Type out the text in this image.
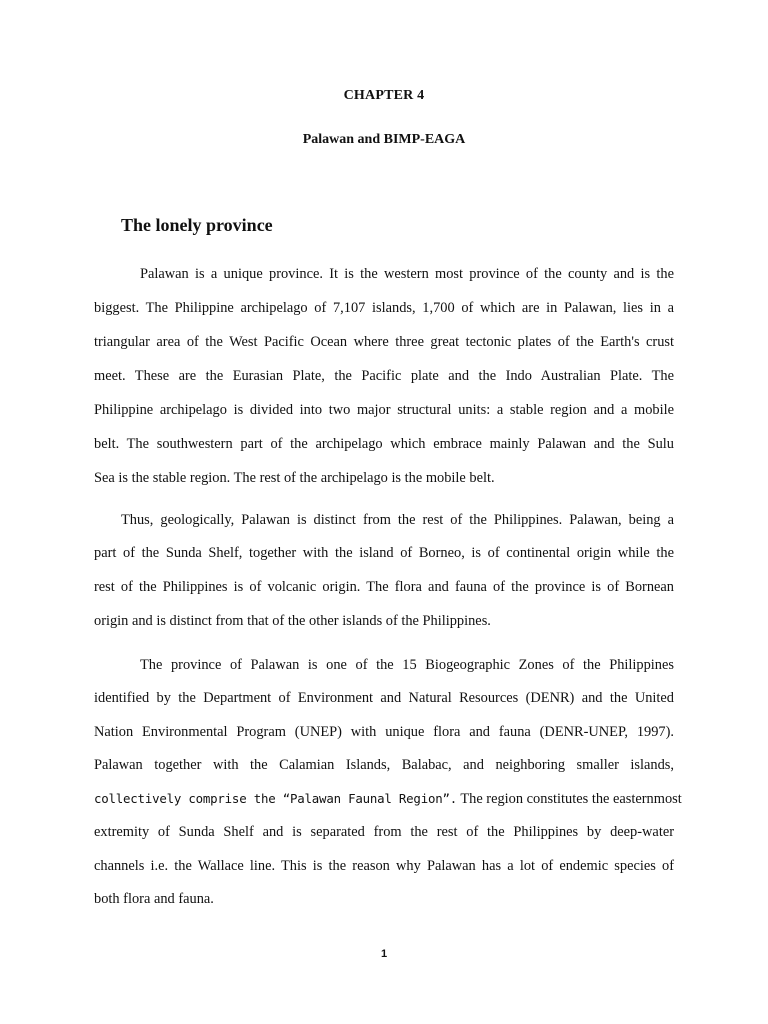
CHAPTER 4
Palawan and BIMP-EAGA
The lonely province
Palawan is a unique province. It is the western most province of the county and is the
biggest. The Philippine archipelago of 7,107 islands, 1,700 of which are in Palawan, lies in a
triangular area of the West Pacific Ocean where three great tectonic plates of the Earth's crust
meet. These are the Eurasian Plate, the Pacific plate and the Indo Australian Plate. The
Philippine archipelago is divided into two major structural units: a stable region and a mobile
belt. The southwestern part of the archipelago which embrace mainly Palawan and the Sulu
Sea is the stable region. The rest of the archipelago is the mobile belt.
Thus, geologically, Palawan is distinct from the rest of the Philippines. Palawan, being a
part of the Sunda Shelf, together with the island of Borneo, is of continental origin while the
rest of the Philippines is of volcanic origin. The flora and fauna of the province is of Bornean
origin and is distinct from that of the other islands of the Philippines.
The province of Palawan is one of the 15 Biogeographic Zones of the Philippines
identified by the Department of Environment and Natural Resources (DENR) and the United
Nation Environmental Program (UNEP) with unique flora and fauna (DENR-UNEP, 1997).
Palawan together with the Calamian Islands, Balabac, and neighboring smaller islands,
collectively comprise the “Palawan Faunal Region”. The region constitutes the easternmost
extremity of Sunda Shelf and is separated from the rest of the Philippines by deep-water
channels i.e. the Wallace line. This is the reason why Palawan has a lot of endemic species of
both flora and fauna.
1
